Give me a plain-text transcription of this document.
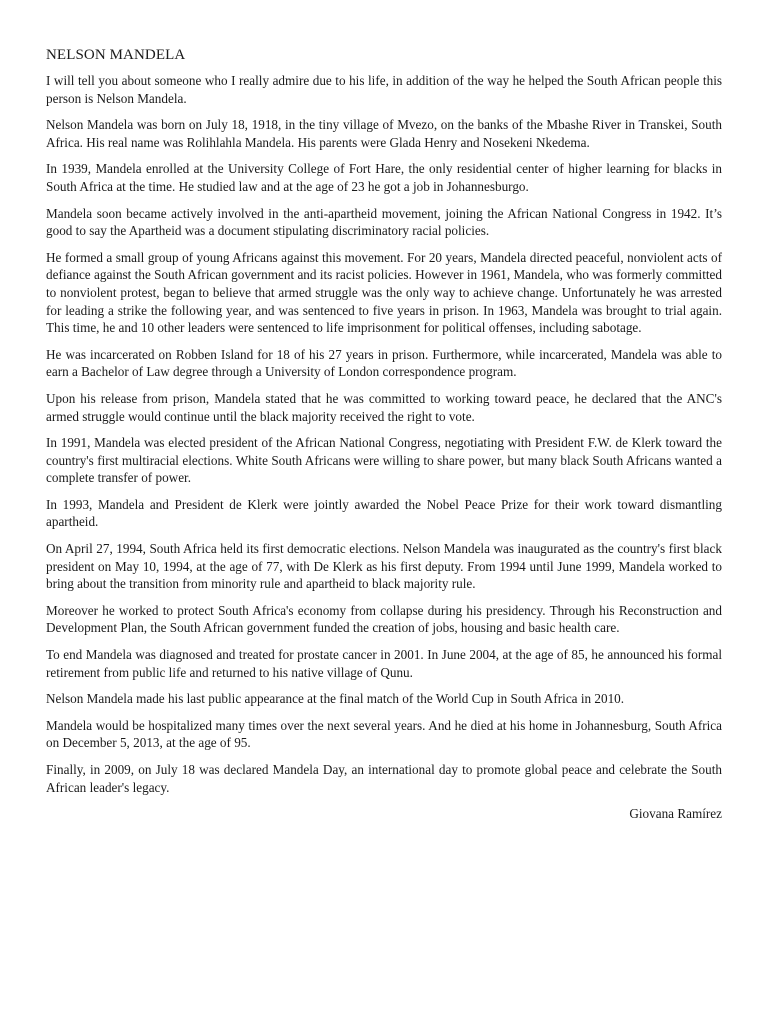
NELSON MANDELA

I will tell you about someone who I really admire due to his life, in addition of the way he helped the South African people this person is Nelson Mandela.

Nelson Mandela was born on July 18, 1918, in the tiny village of Mvezo, on the banks of the Mbashe River in Transkei, South Africa. His real name was Rolihlahla Mandela. His parents were Glada Henry and Nosekeni Nkedema.

In 1939, Mandela enrolled at the University College of Fort Hare, the only residential center of higher learning for blacks in South Africa at the time. He studied law and at the age of 23 he got a job in Johannesburgo.

Mandela soon became actively involved in the anti-apartheid movement, joining the African National Congress in 1942. It’s good to say the Apartheid was a document stipulating discriminatory racial policies.

He formed a small group of young Africans against this movement. For 20 years, Mandela directed peaceful, nonviolent acts of defiance against the South African government and its racist policies. However in 1961, Mandela, who was formerly committed to nonviolent protest, began to believe that armed struggle was the only way to achieve change. Unfortunately he was arrested for leading a strike the following year, and was sentenced to five years in prison. In 1963, Mandela was brought to trial again. This time, he and 10 other leaders were sentenced to life imprisonment for political offenses, including sabotage.

He was incarcerated on Robben Island for 18 of his 27 years in prison. Furthermore, while incarcerated, Mandela was able to earn a Bachelor of Law degree through a University of London correspondence program.

Upon his release from prison, Mandela stated that he was committed to working toward peace, he declared that the ANC's armed struggle would continue until the black majority received the right to vote.

In 1991, Mandela was elected president of the African National Congress, negotiating with President F.W. de Klerk toward the country's first multiracial elections. White South Africans were willing to share power, but many black South Africans wanted a complete transfer of power.

In 1993, Mandela and President de Klerk were jointly awarded the Nobel Peace Prize for their work toward dismantling apartheid.

On April 27, 1994, South Africa held its first democratic elections. Nelson Mandela was inaugurated as the country's first black president on May 10, 1994, at the age of 77, with De Klerk as his first deputy. From 1994 until June 1999, Mandela worked to bring about the transition from minority rule and apartheid to black majority rule.

Moreover he worked to protect South Africa's economy from collapse during his presidency. Through his Reconstruction and Development Plan, the South African government funded the creation of jobs, housing and basic health care.

To end Mandela was diagnosed and treated for prostate cancer in 2001. In June 2004, at the age of 85, he announced his formal retirement from public life and returned to his native village of Qunu.

Nelson Mandela made his last public appearance at the final match of the World Cup in South Africa in 2010.

Mandela would be hospitalized many times over the next several years. And he died at his home in Johannesburg, South Africa on December 5, 2013, at the age of 95.

Finally, in 2009, on July 18 was declared Mandela Day, an international day to promote global peace and celebrate the South African leader's legacy.

Giovana Ramírez
